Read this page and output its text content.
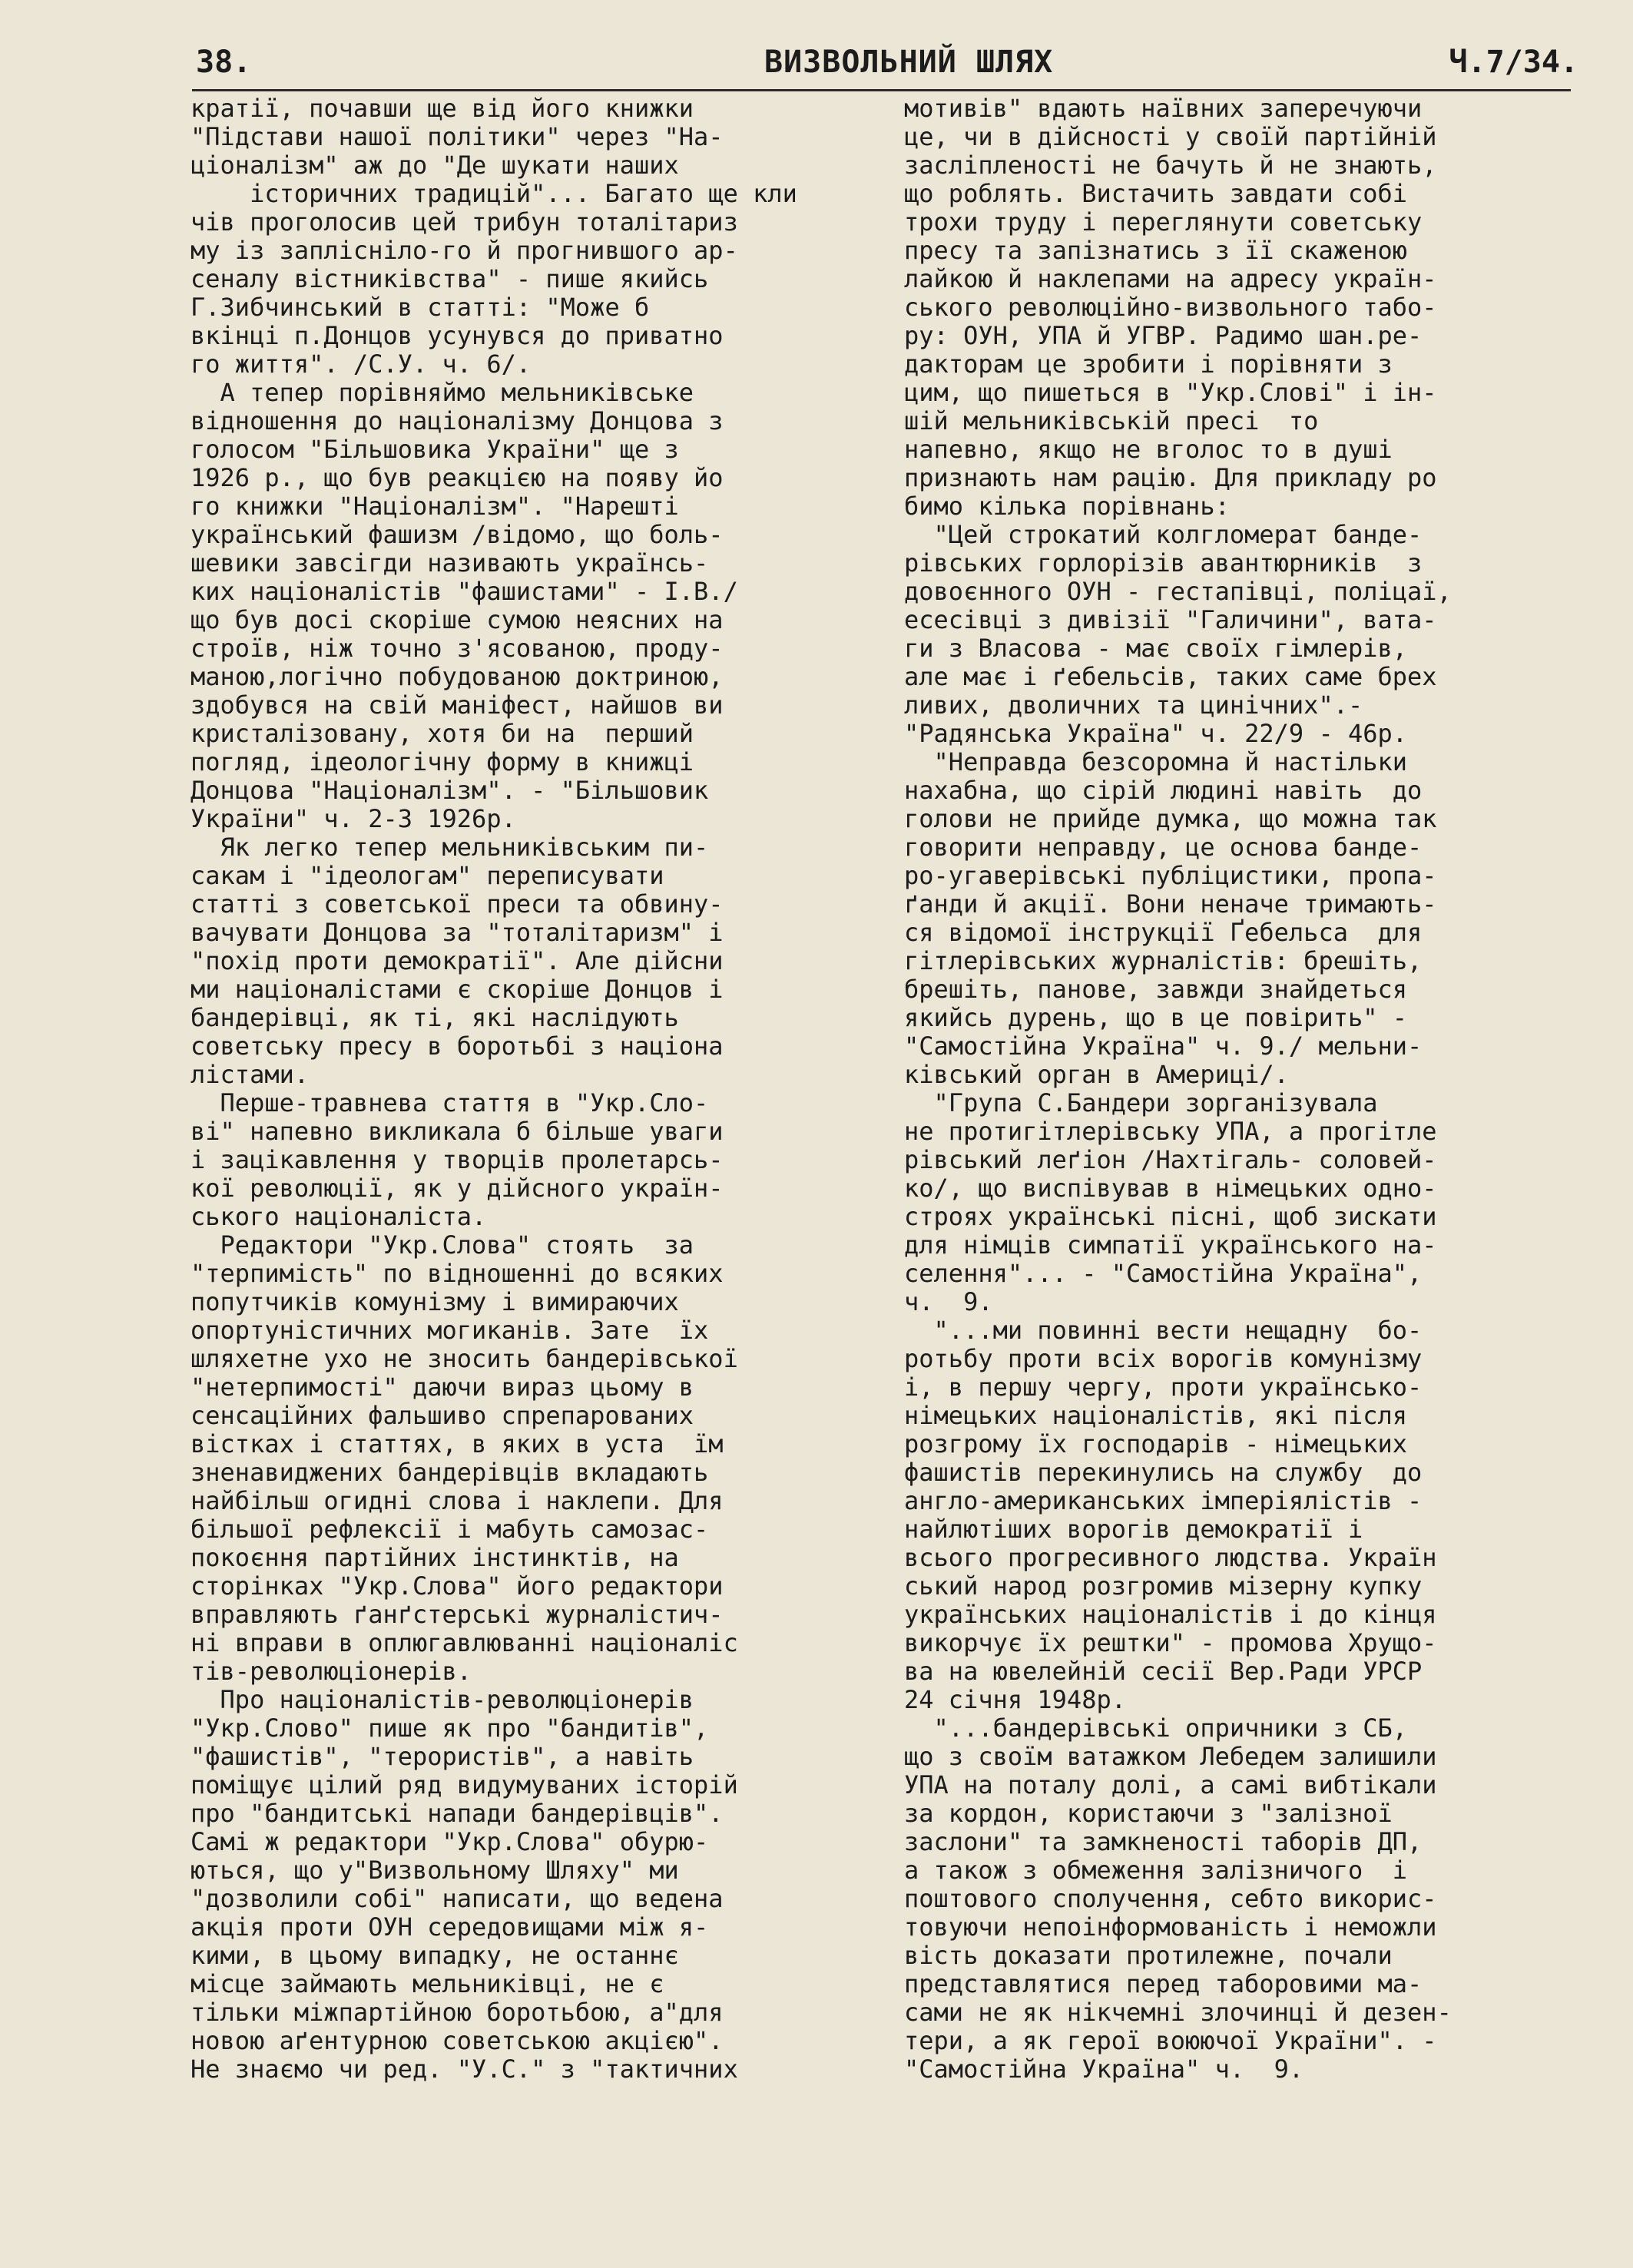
38.	ВИЗВОЛЬНИЙ ШЛЯХ	Ч.7/34.
кратії, почавши ще від його книжки
"Підстави нашої політики" через "На-
ціоналізм" аж до "Де шукати наших
історичних традицій"... Багато ще кли
чів проголосив цей трибун тоталітариз
му із заплісніло-го й прогнившого ар-
сеналу вістниківства" - пише якийсь
Г.Зибчинський в статті: "Може б
вкінці п.Донцов усунувся до приватно
го життя". /С.У. ч. 6/.
А тепер порівняймо мельниківське
відношення до націоналізму Донцова з
голосом "Більшовика України" ще з
1926 р., що був реакцією на появу йо
го книжки "Націоналізм". "Нарешті
український фашизм /відомо, що боль-
шевики завсігди називають українсь-
ких націоналістів "фашистами" - І.В./
що був досі скоріше сумою неясних на
строїв, ніж точно з'ясованою, проду-
маною,логічно побудованою доктриною,
здобувся на свій маніфест, найшов ви
кристалізовану, хотя би на  перший
погляд, ідеологічну форму в книжці
Донцова "Націоналізм". - "Більшовик
України" ч. 2-3 1926р.
Як легко тепер мельниківським пи-
сакам і "ідеологам" переписувати
статті з советської преси та обвину-
вачувати Донцова за "тоталітаризм" і
"похід проти демократії". Але дійсни
ми націоналістами є скоріше Донцов і
бандерівці, як ті, які наслідують
советську пресу в боротьбі з націона
лістами.
Перше-травнева стаття в "Укр.Сло-
ві" напевно викликала б більше уваги
і зацікавлення у творців пролетарсь-
кої революції, як у дійсного україн-
ського націоналіста.
Редактори "Укр.Слова" стоять  за
"терпимість" по відношенні до всяких
попутчиків комунізму і вимираючих
опортуністичних могиканів. Зате  їх
шляхетне ухо не зносить бандерівської
"нетерпимості" даючи вираз цьому в
сенсаційних фальшиво спрепарованих
вістках і статтях, в яких в уста  їм
зненавиджених бандерівців вкладають
найбільш огидні слова і наклепи. Для
більшої рефлексії і мабуть самозас-
покоєння партійних інстинктів, на
сторінках "Укр.Слова" його редактори
вправляють ґанґстерські журналістич-
ні вправи в оплюгавлюванні націоналіс
тів-революціонерів.
Про націоналістів-революціонерів
"Укр.Слово" пише як про "бандитів",
"фашистів", "терористів", а навіть
поміщує цілий ряд видумуваних історій
про "бандитські напади бандерівців".
Самі ж редактори "Укр.Слова" обурю-
ються, що у"Визвольному Шляху" ми
"дозволили собі" написати, що ведена
акція проти ОУН середовищами між я-
кими, в цьому випадку, не останнє
місце займають мельниківці, не є
тільки міжпартійною боротьбою, а"для
новою аґентурною советською акцією".
Не знаємо чи ред. "У.С." з "тактичних
мотивів" вдають наївних заперечуючи
це, чи в дійсності у своїй партійній
засліпленості не бачуть й не знають,
що роблять. Вистачить завдати собі
трохи труду і переглянути советську
пресу та запізнатись з її скаженою
лайкою й наклепами на адресу україн-
ського революційно-визвольного табо-
ру: ОУН, УПА й УГВР. Радимо шан.ре-
дакторам це зробити і порівняти з
цим, що пишеться в "Укр.Слові" і ін-
шій мельниківській пресі  то
напевно, якщо не вголос то в душі
признають нам рацію. Для прикладу ро
бимо кілька порівнань:
"Цей строкатий колгломерат банде-
рівських горлорізів авантюрників  з
довоєнного ОУН - гестапівці, поліцаї,
есесівці з дивізії "Галичини", вата-
ги з Власова - має своїх гімлерів,
але має і ґебельсів, таких саме брех
ливих, дволичних та цинічних".-
"Радянська Україна" ч. 22/9 - 46р.
"Неправда безсоромна й настільки
нахабна, що сірій людині навіть  до
голови не прийде думка, що можна так
говорити неправду, це основа банде-
ро-угаверівські публіцистики, пропа-
ґанди й акції. Вони неначе тримають-
ся відомої інструкції Ґебельса  для
гітлерівських журналістів: брешіть,
брешіть, панове, завжди знайдеться
якийсь дурень, що в це повірить" -
"Самостійна Україна" ч. 9./ мельни-
ківський орган в Америці/.
"Група С.Бандери зорганізувала
не протигітлерівську УПА, а прогітле
рівський леґіон /Нахтігаль- соловей-
ко/, що виспівував в німецьких одно-
строях українські пісні, щоб зискати
для німців симпатії українського на-
селення"... - "Самостійна Україна",
ч.  9.
"...ми повинні вести нещадну  бо-
ротьбу проти всіх ворогів комунізму
і, в першу чергу, проти українсько-
німецьких націоналістів, які після
розгрому їх господарів - німецьких
фашистів перекинулись на службу  до
англо-американських імперіялістів -
найлютіших ворогів демократії і
всього прогресивного людства. Україн
ський народ розгромив мізерну купку
українських націоналістів і до кінця
викорчує їх рештки" - промова Хрущо-
ва на ювелейній сесії Вер.Ради УРСР
24 січня 1948р.
"...бандерівські опричники з СБ,
що з своїм ватажком Лебедем залишили
УПА на поталу долі, а самі вибтікали
за кордон, користаючи з "залізної
заслони" та замкненості таборів ДП,
а також з обмеження залізничого  і
поштового сполучення, себто викорис-
товуючи непоінформованість і неможли
вість доказати протилежне, почали
предстaвлятися перед таборовими ма-
сами не як нікчемні злочинці й дезен-
тери, а як герої воюючої України". -
"Самостійна Україна" ч.  9.
